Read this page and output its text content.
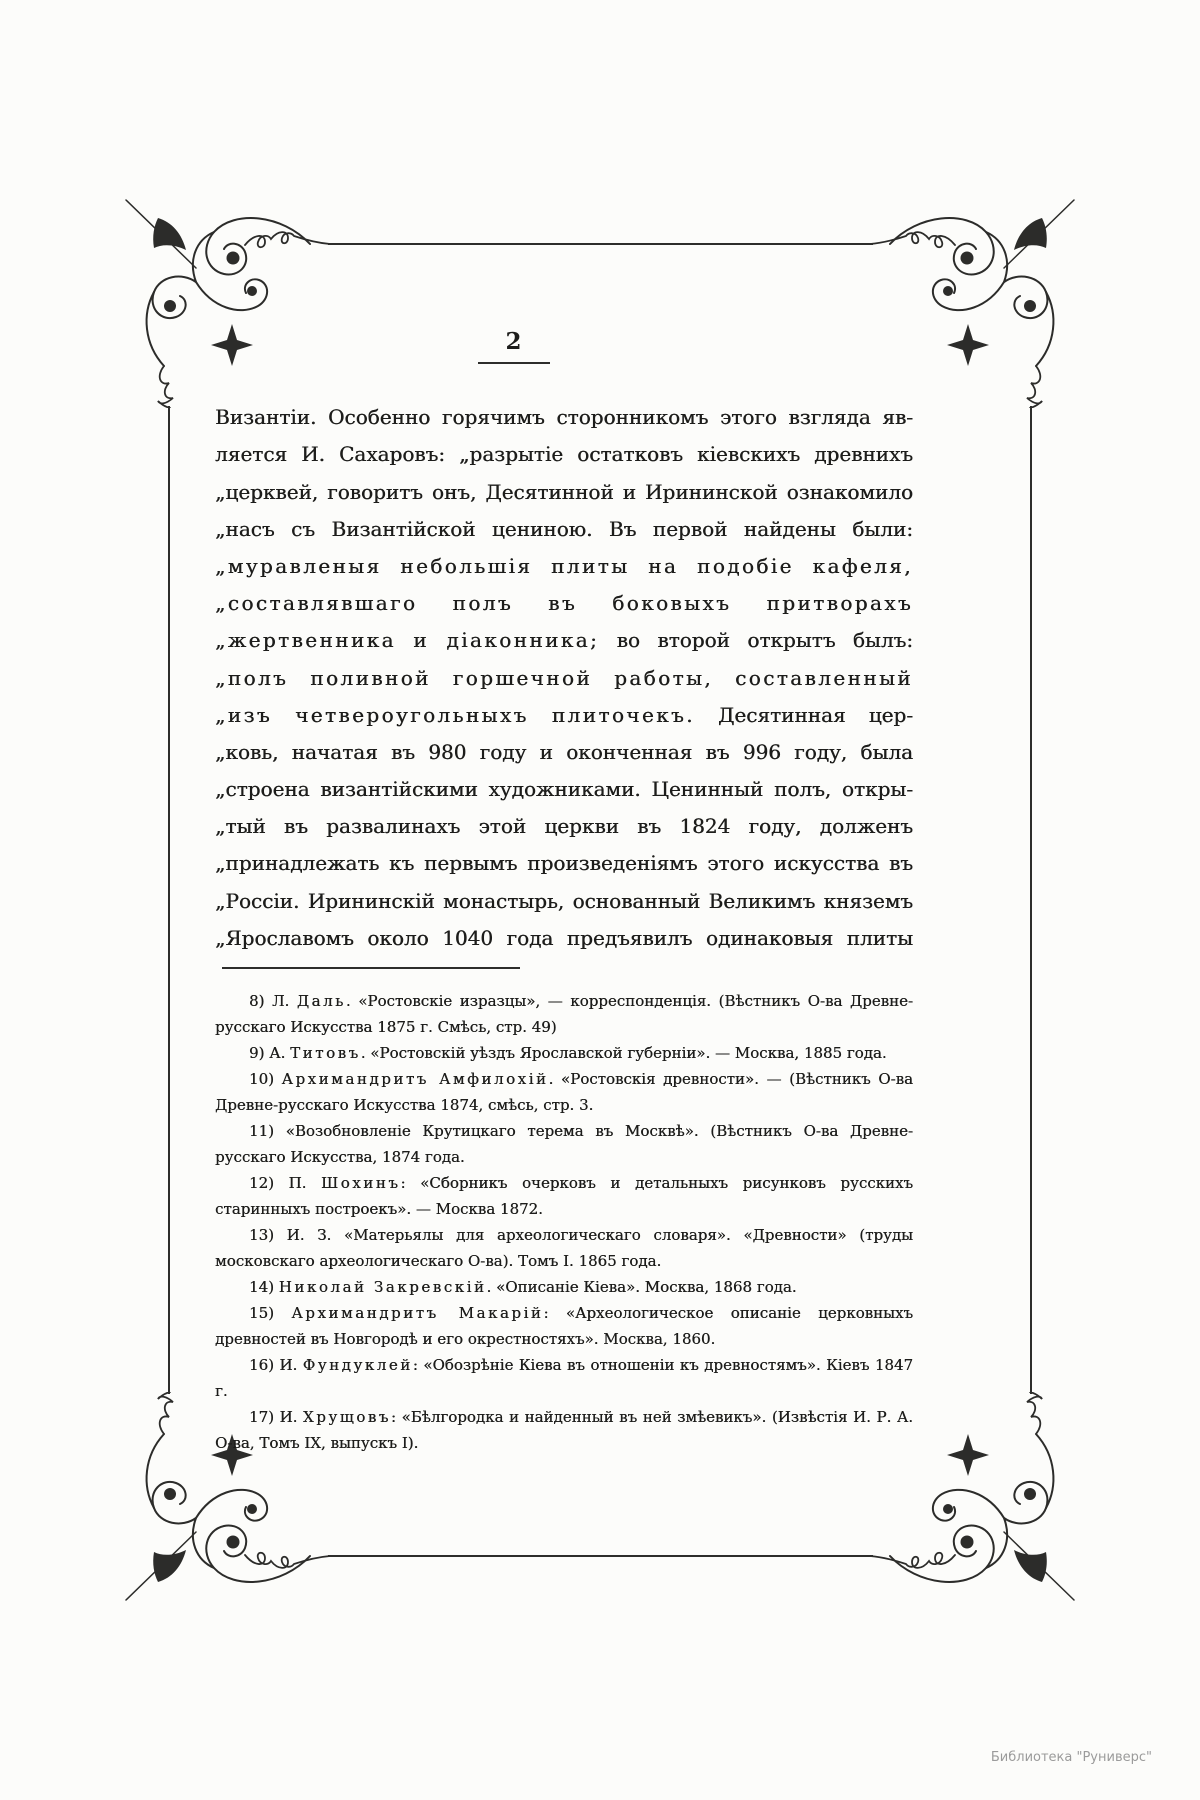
2
Византіи. Особенно горячимъ сторонникомъ этого взгляда яв-
ляется И. Сахаровъ: „разрытіе остатковъ кіевскихъ древнихъ
„церквей, говоритъ онъ, Десятинной и Ирининской ознакомило
„насъ съ Византійской цениною. Въ первой найдены были:
„муравленыя небольшія плиты на подобіе кафеля,
„составлявшаго полъ въ боковыхъ притворахъ
„жертвенника и діаконника; во второй открытъ былъ:
„полъ поливной горшечной работы, составленный
„изъ четвероугольныхъ плиточекъ. Десятинная цер-
„ковь, начатая въ 980 году и оконченная въ 996 году, была
„строена византійскими художниками. Ценинный полъ, откры-
„тый въ развалинахъ этой церкви въ 1824 году, долженъ
„принадлежать къ первымъ произведеніямъ этого искусства въ
„Россіи. Ирининскій монастырь, основанный Великимъ княземъ
„Ярославомъ около 1040 года предъявилъ одинаковыя плиты

8) Л. Даль. «Ростовскіе изразцы», — корреспонденція. (Вѣстникъ О-ва Древне-русскаго Искусства 1875 г. Смѣсь, стр. 49)

9) А. Титовъ. «Ростовскій уѣздъ Ярославской губерніи». — Москва, 1885 года.

10) Архимандритъ Амфилохій. «Ростовскія древности». — (Вѣстникъ О-ва Древне-русскаго Искусства 1874, смѣсь, стр. 3.

11) «Возобновленіе Крутицкаго терема въ Москвѣ». (Вѣстникъ О-ва Древне-русскаго Искусства, 1874 года.

12) П. Шохинъ: «Сборникъ очерковъ и детальныхъ рисунковъ русскихъ старинныхъ построекъ». — Москва 1872.

13) И. З. «Матерьялы для археологическаго словаря». «Древности» (труды московскаго археологическаго О-ва). Томъ I. 1865 года.

14) Николай Закревскій. «Описаніе Кіева». Москва, 1868 года.

15) Архимандритъ Макарій: «Археологическое описаніе церковныхъ древностей въ Новгородѣ и его окрестностяхъ». Москва, 1860.

16) И. Фундуклей: «Обозрѣніе Кіева въ отношеніи къ древностямъ». Кіевъ 1847 г.

17) И. Хрущовъ: «Бѣлгородка и найденный въ ней змѣевикъ». (Извѣстія И. Р. А. О-ва, Томъ IX, выпускъ I).

Библиотека "Руниверс"
